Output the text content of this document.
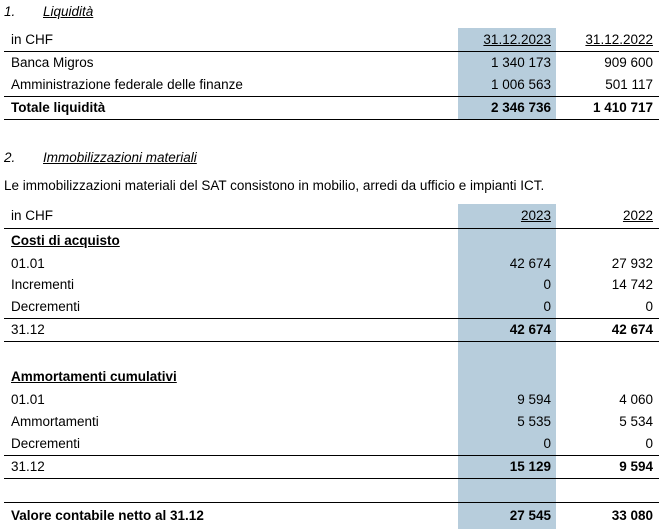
1. Liquidità
in CHF	31.12.2023	31.12.2022
Banca Migros	1 340 173	909 600
Amministrazione federale delle finanze	1 006 563	501 117
Totale liquidità	2 346 736	1 410 717
2. Immobilizzazioni materiali
Le immobilizzazioni materiali del SAT consistono in mobilio, arredi da ufficio e impianti ICT.
in CHF	2023	2022
Costi di acquisto
01.01	42 674	27 932
Incrementi	0	14 742
Decrementi	0	0
31.12	42 674	42 674
Ammortamenti cumulativi
01.01	9 594	4 060
Ammortamenti	5 535	5 534
Decrementi	0	0
31.12	15 129	9 594
Valore contabile netto al 31.12	27 545	33 080
